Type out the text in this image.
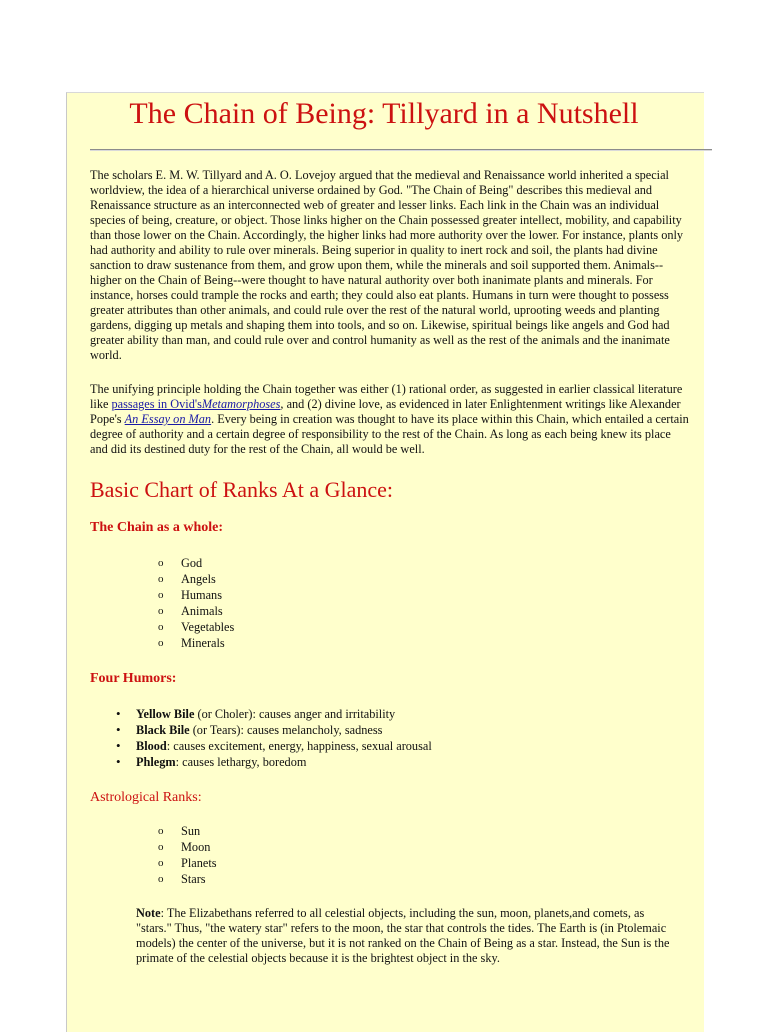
The Chain of Being: Tillyard in a Nutshell

The scholars E. M. W. Tillyard and A. O. Lovejoy argued that the medieval and Renaissance world inherited a special worldview, the idea of a hierarchical universe ordained by God. "The Chain of Being" describes this medieval and Renaissance structure as an interconnected web of greater and lesser links. Each link in the Chain was an individual species of being, creature, or object. Those links higher on the Chain possessed greater intellect, mobility, and capability than those lower on the Chain. Accordingly, the higher links had more authority over the lower. For instance, plants only had authority and ability to rule over minerals. Being superior in quality to inert rock and soil, the plants had divine sanction to draw sustenance from them, and grow upon them, while the minerals and soil supported them. Animals--higher on the Chain of Being--were thought to have natural authority over both inanimate plants and minerals. For instance, horses could trample the rocks and earth; they could also eat plants. Humans in turn were thought to possess greater attributes than other animals, and could rule over the rest of the natural world, uprooting weeds and planting gardens, digging up metals and shaping them into tools, and so on. Likewise, spiritual beings like angels and God had greater ability than man, and could rule over and control humanity as well as the rest of the animals and the inanimate world.

The unifying principle holding the Chain together was either (1) rational order, as suggested in earlier classical literature like passages in Ovid'sMetamorphoses, and (2) divine love, as evidenced in later Enlightenment writings like Alexander Pope's An Essay on Man. Every being in creation was thought to have its place within this Chain, which entailed a certain degree of authority and a certain degree of responsibility to the rest of the Chain. As long as each being knew its place and did its destined duty for the rest of the Chain, all would be well.

Basic Chart of Ranks At a Glance:
The Chain as a whole:
o God
o Angels
o Humans
o Animals
o Vegetables
o Minerals
Four Humors:
• Yellow Bile (or Choler): causes anger and irritability
• Black Bile (or Tears): causes melancholy, sadness
• Blood: causes excitement, energy, happiness, sexual arousal
• Phlegm: causes lethargy, boredom
Astrological Ranks:
o Sun
o Moon
o Planets
o Stars

Note: The Elizabethans referred to all celestial objects, including the sun, moon, planets,and comets, as "stars." Thus, "the watery star" refers to the moon, the star that controls the tides. The Earth is (in Ptolemaic models) the center of the universe, but it is not ranked on the Chain of Being as a star. Instead, the Sun is the primate of the celestial objects because it is the brightest object in the sky.
